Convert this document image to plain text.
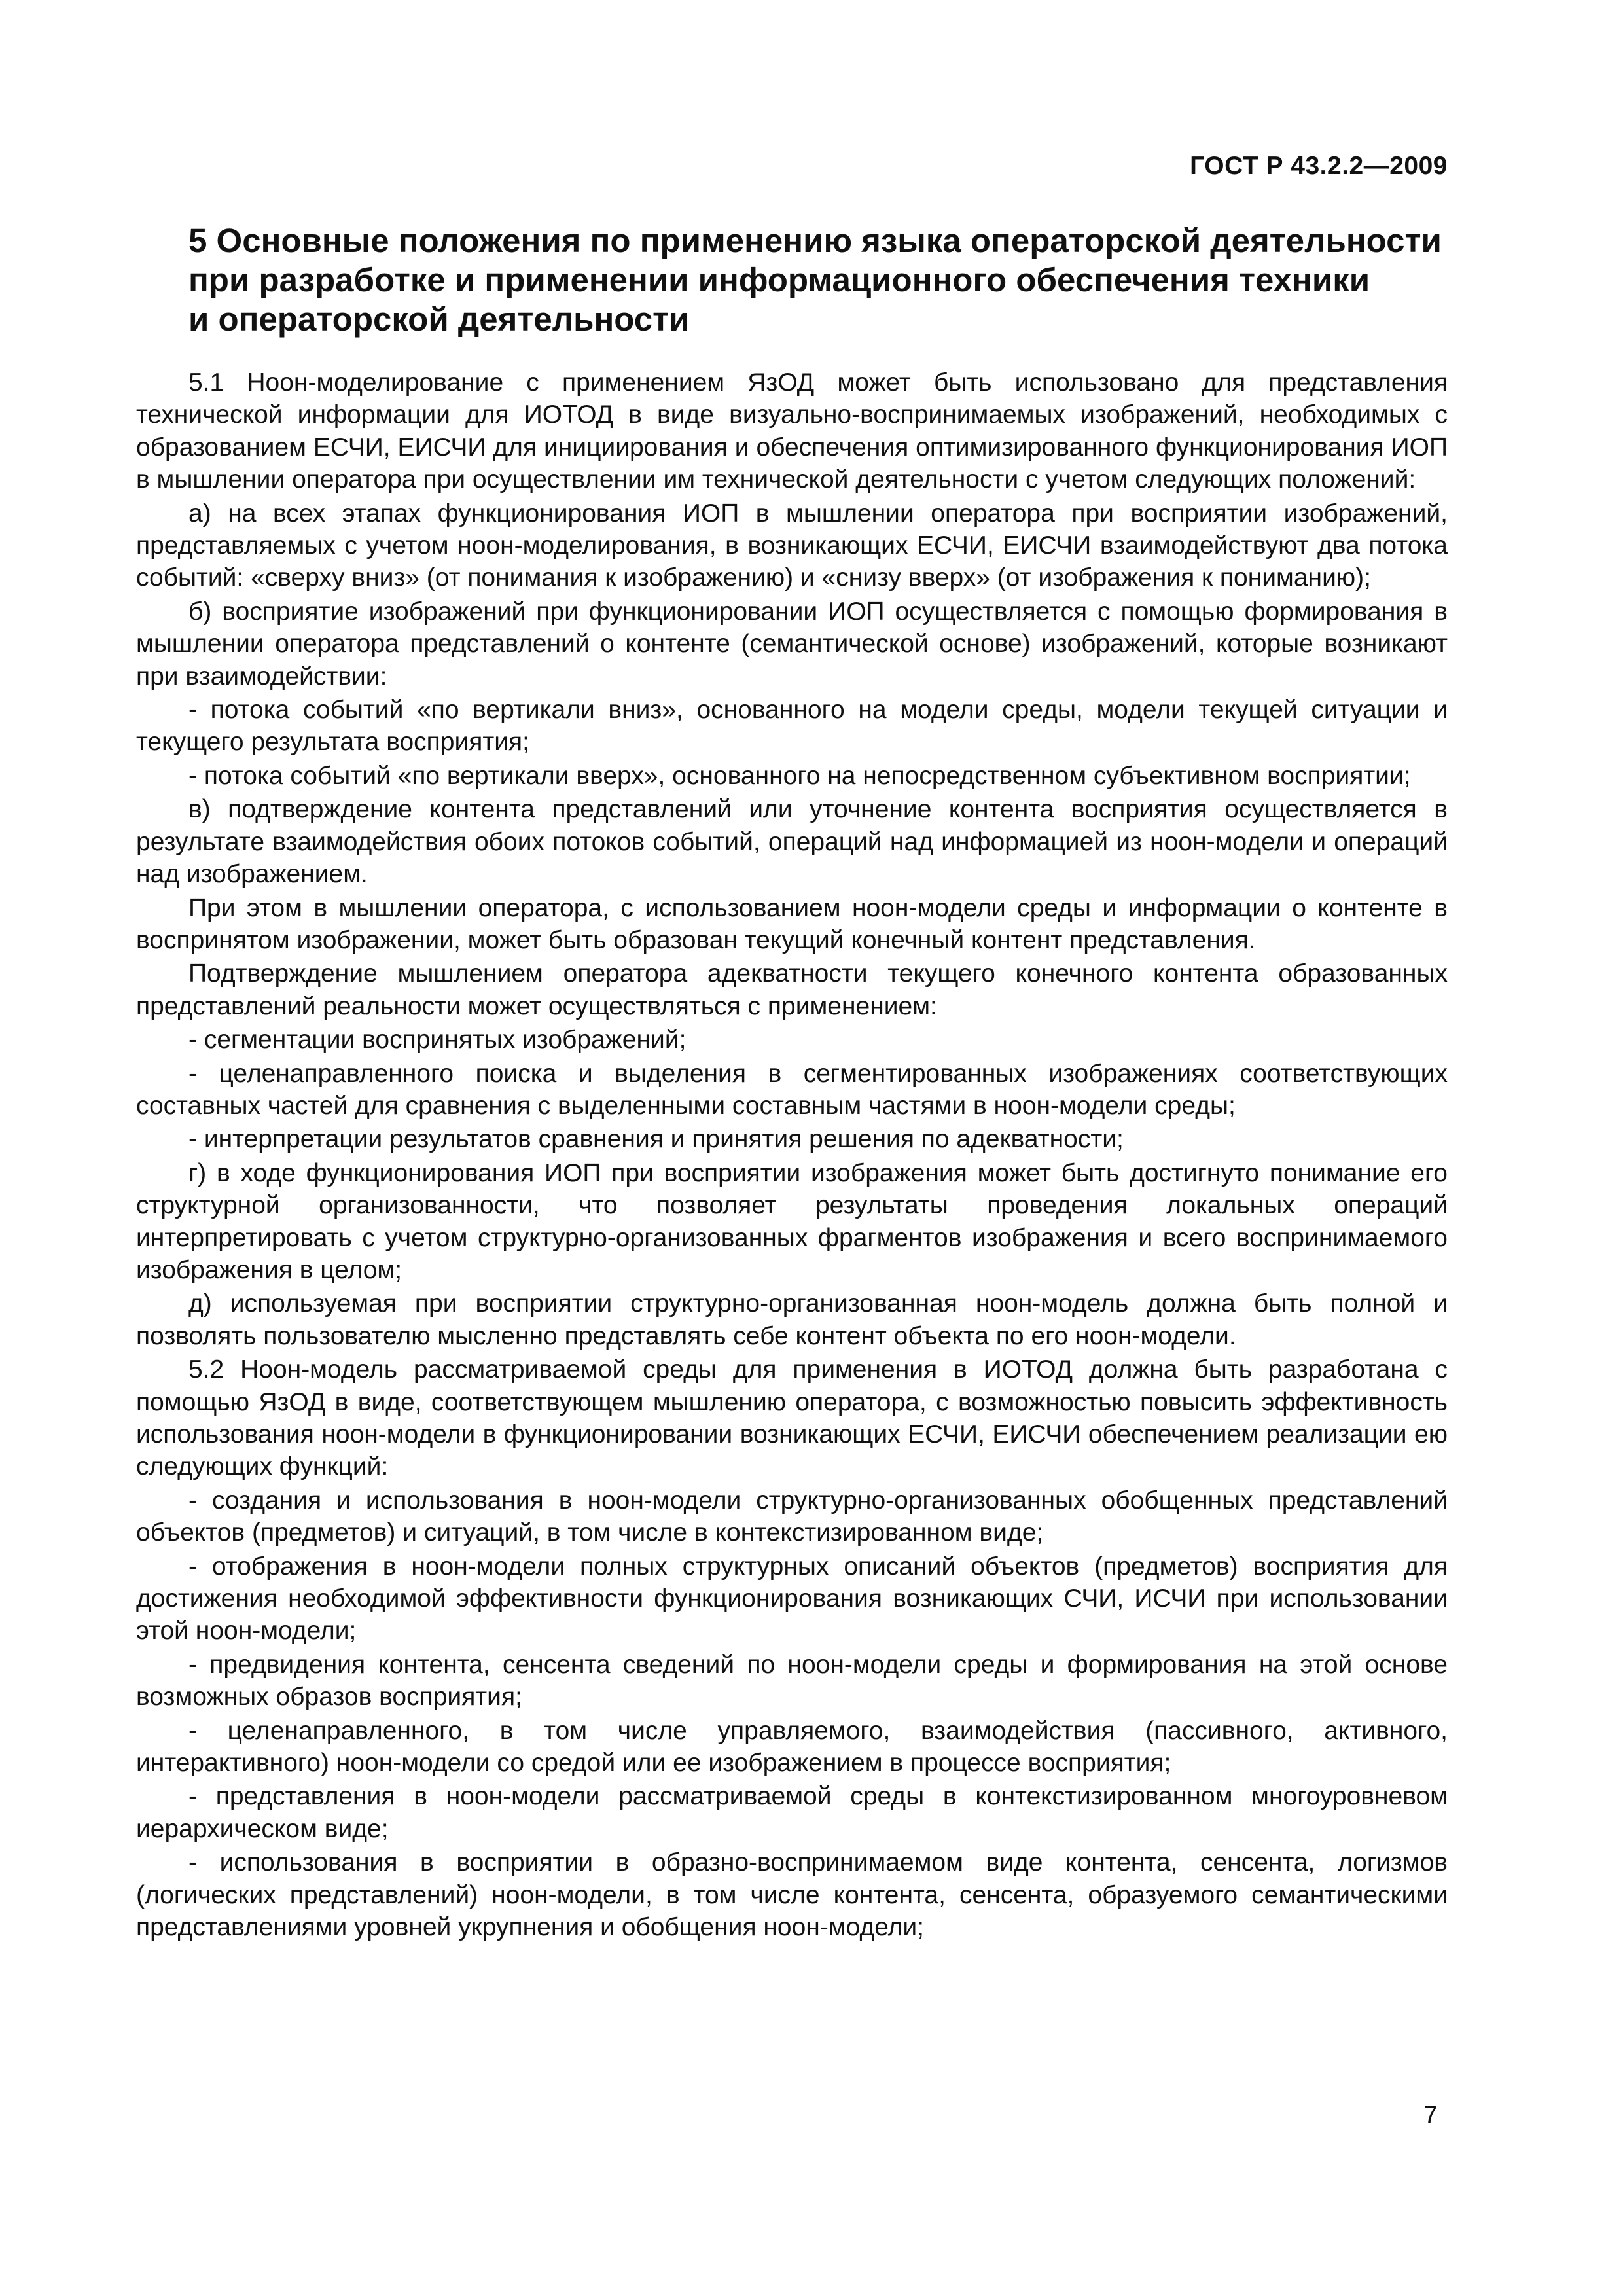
ГОСТ Р 43.2.2—2009
5 Основные положения по применению языка операторской деятельности
при разработке и применении информационного обеспечения техники
и операторской деятельности

5.1 Ноон-моделирование с применением ЯзОД может быть использовано для представления технической информации для ИОТОД в виде визуально-воспринимаемых изображений, необходимых с образованием ЕСЧИ, ЕИСЧИ для инициирования и обеспечения оптимизированного функционирования ИОП в мышлении оператора при осуществлении им технической деятельности с учетом следующих положений:

а) на всех этапах функционирования ИОП в мышлении оператора при восприятии изображений, представляемых с учетом ноон-моделирования, в возникающих ЕСЧИ, ЕИСЧИ взаимодействуют два потока событий: «сверху вниз» (от понимания к изображению) и «снизу вверх» (от изображения к пониманию);

б) восприятие изображений при функционировании ИОП осуществляется с помощью формирования в мышлении оператора представлений о контенте (семантической основе) изображений, которые возникают при взаимодействии:

- потока событий «по вертикали вниз», основанного на модели среды, модели текущей ситуации и текущего результата восприятия;

- потока событий «по вертикали вверх», основанного на непосредственном субъективном восприятии;

в) подтверждение контента представлений или уточнение контента восприятия осуществляется в результате взаимодействия обоих потоков событий, операций над информацией из ноон-модели и операций над изображением.

При этом в мышлении оператора, с использованием ноон-модели среды и информации о контенте в воспринятом изображении, может быть образован текущий конечный контент представления.

Подтверждение мышлением оператора адекватности текущего конечного контента образованных представлений реальности может осуществляться с применением:

- сегментации воспринятых изображений;

- целенаправленного поиска и выделения в сегментированных изображениях соответствующих составных частей для сравнения с выделенными составным частями в ноон-модели среды;

- интерпретации результатов сравнения и принятия решения по адекватности;

г) в ходе функционирования ИОП при восприятии изображения может быть достигнуто понимание его структурной организованности, что позволяет результаты проведения локальных операций интерпретировать с учетом структурно-организованных фрагментов изображения и всего воспринимаемого изображения в целом;

д) используемая при восприятии структурно-организованная ноон-модель должна быть полной и позволять пользователю мысленно представлять себе контент объекта по его ноон-модели.

5.2 Ноон-модель рассматриваемой среды для применения в ИОТОД должна быть разработана с помощью ЯзОД в виде, соответствующем мышлению оператора, с возможностью повысить эффективность использования ноон-модели в функционировании возникающих ЕСЧИ, ЕИСЧИ обеспечением реализации ею следующих функций:

- создания и использования в ноон-модели структурно-организованных обобщенных представлений объектов (предметов) и ситуаций, в том числе в контекстизированном виде;

- отображения в ноон-модели полных структурных описаний объектов (предметов) восприятия для достижения необходимой эффективности функционирования возникающих СЧИ, ИСЧИ при использовании этой ноон-модели;

- предвидения контента, сенсента сведений по ноон-модели среды и формирования на этой основе возможных образов восприятия;

- целенаправленного, в том числе управляемого, взаимодействия (пассивного, активного, интерактивного) ноон-модели со средой или ее изображением в процессе восприятия;

- представления в ноон-модели рассматриваемой среды в контекстизированном многоуровневом иерархическом виде;

- использования в восприятии в образно-воспринимаемом виде контента, сенсента, логизмов (логических представлений) ноон-модели, в том числе контента, сенсента, образуемого семантическими представлениями уровней укрупнения и обобщения ноон-модели;

7
